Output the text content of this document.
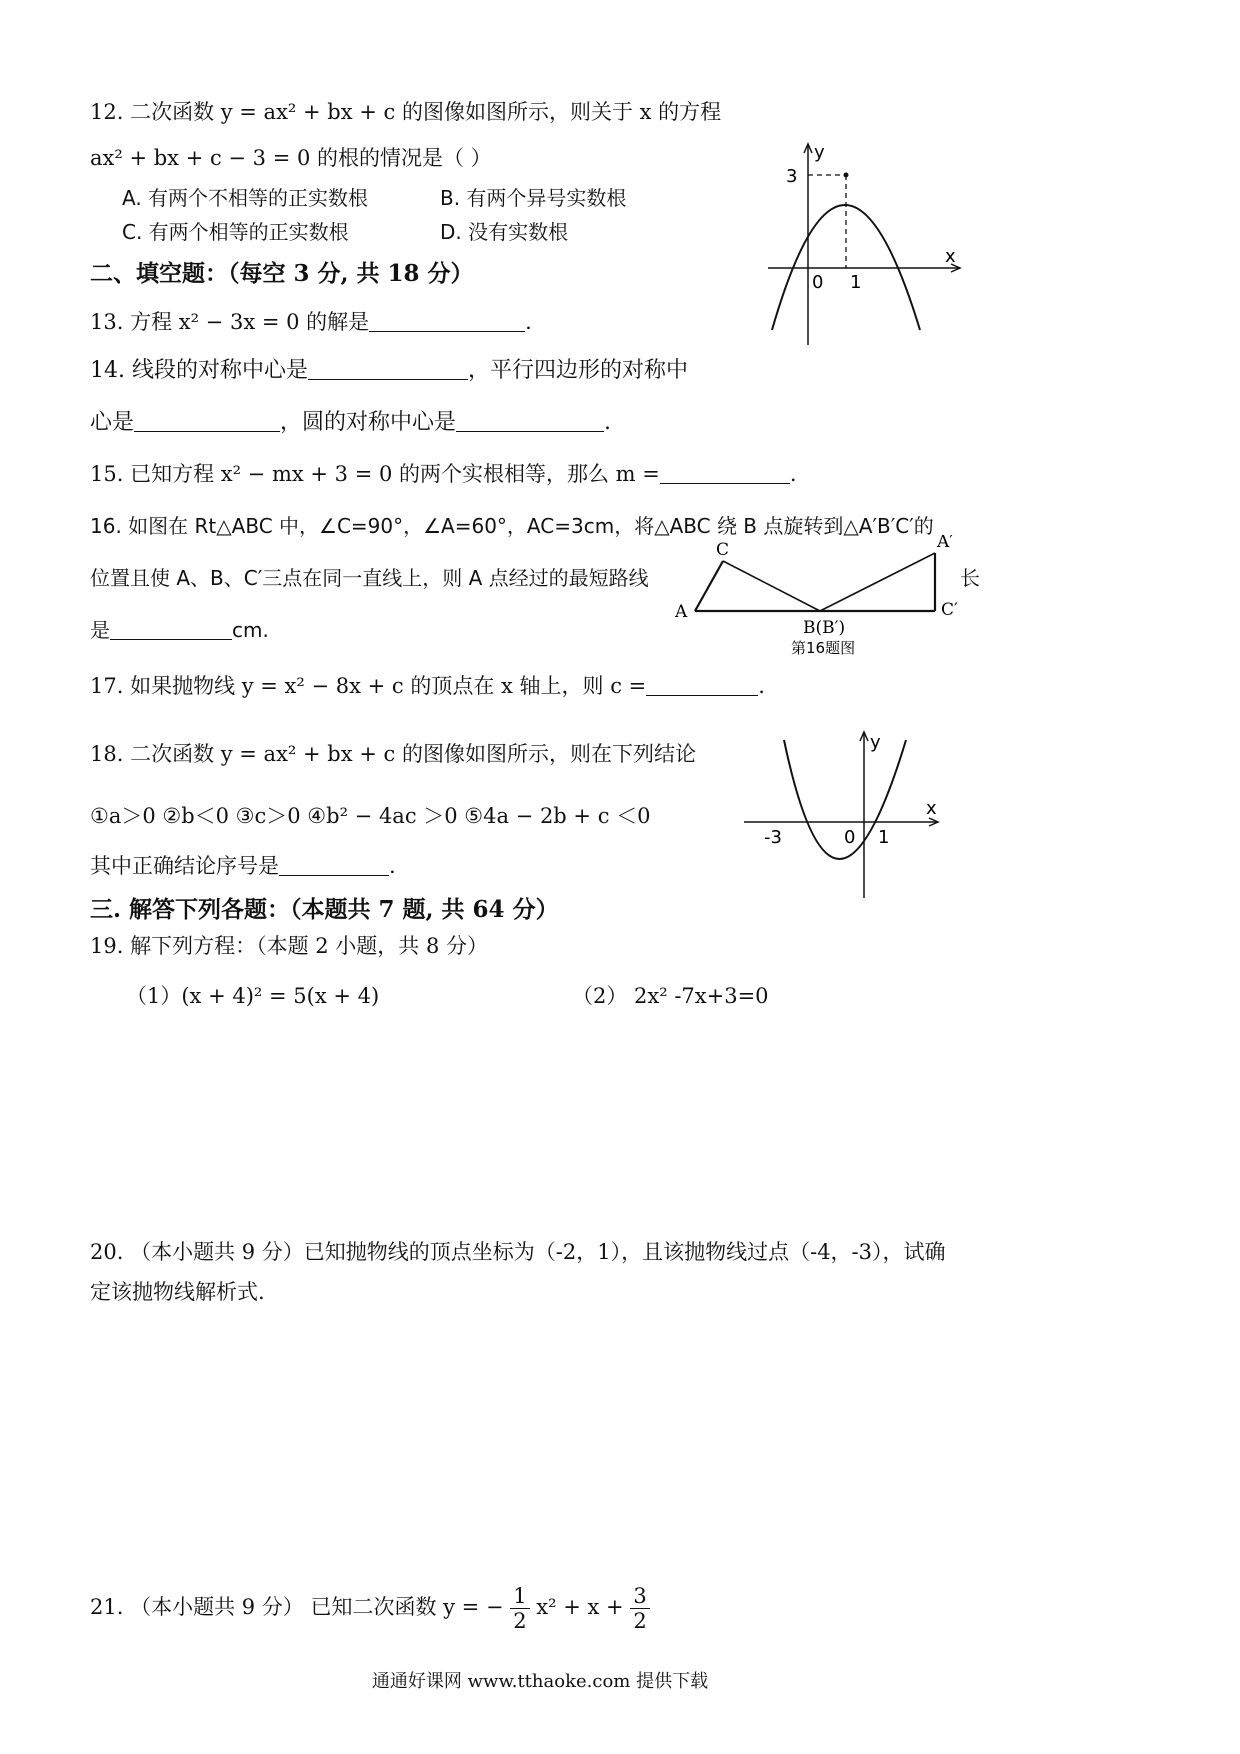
12. 二次函数 y = ax² + bx + c 的图像如图所示，则关于 x 的方程
ax² + bx + c − 3 = 0 的根的情况是（ ）
A. 有两个不相等的正实数根	B. 有两个异号实数根
C. 有两个相等的正实数根	D. 没有实数根
y
x
3
0 1
二、填空题：（每空 3 分, 共 18 分）
13. 方程 x² − 3x = 0 的解是	.
14. 线段的对称中心是	，平行四边形的对称中
心是	，圆的对称中心是	.
15. 已知方程 x² − mx + 3 = 0 的两个实根相等，那么 m =	.
16. 如图在 Rt△ABC 中，∠C=90°，∠A=60°，AC=3cm，将△ABC 绕 B 点旋转到△A′B′C′的
位置且使 A、B、C′三点在同一直线上，则 A 点经过的最短路线	长
是	cm.
C
A
B(B′)
A′
C′
第16题图
17. 如果抛物线 y = x² − 8x + c 的顶点在 x 轴上，则 c =	.
18. 二次函数 y = ax² + bx + c 的图像如图所示，则在下列结论
①a＞0 ②b＜0 ③c＞0 ④b² − 4ac ＞0 ⑤4a − 2b + c ＜0
其中正确结论序号是	.
y
x
-3	0 1
三. 解答下列各题：（本题共 7 题, 共 64 分）
19. 解下列方程：（本题 2 小题，共 8 分）
（1）(x + 4)² = 5(x + 4)	（2） 2x² -7x+3=0
20. （本小题共 9 分）已知抛物线的顶点坐标为（-2，1），且该抛物线过点（-4，-3），试确
定该抛物线解析式.
21. （本小题共 9 分） 已知二次函数 y = − $\frac{1}{2} x^2 + x + \frac{3}{2}$
通通好课网 www.tthaoke.com 提供下载
